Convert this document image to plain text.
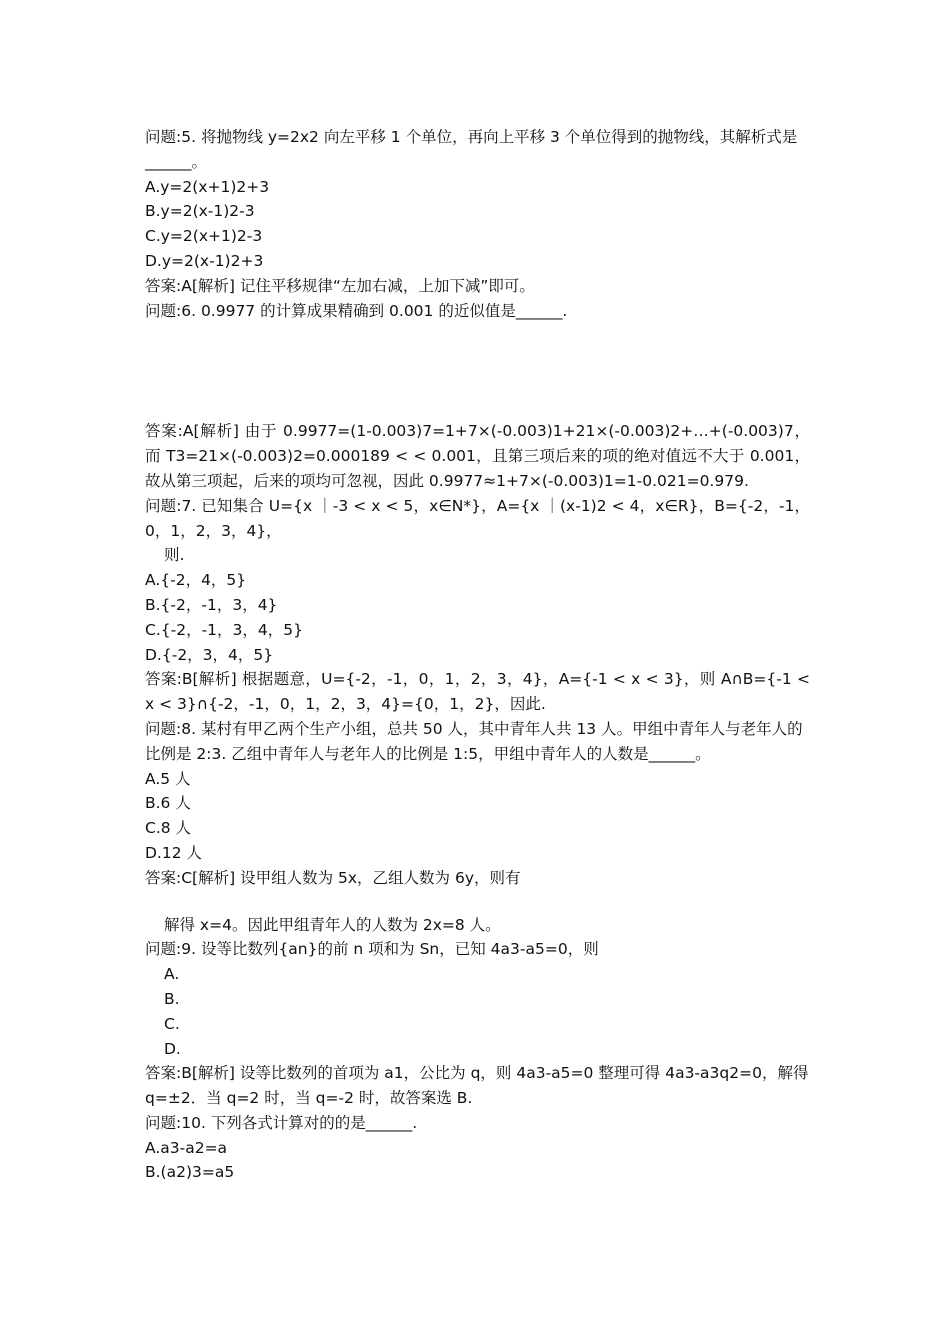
问题:5. 将抛物线 y=2x2 向左平移 1 个单位，再向上平移 3 个单位得到的抛物线，其解析式是______。

A.y=2(x+1)2+3

B.y=2(x-1)2-3

C.y=2(x+1)2-3

D.y=2(x-1)2+3

答案:A[解析] 记住平移规律“左加右减，上加下减”即可。

问题:6. 0.9977 的计算成果精确到 0.001 的近似值是______.

答案:A[解析] 由于 0.9977=(1-0.003)7=1+7×(-0.003)1+21×(-0.003)2+…+(-0.003)7，而 T3=21×(-0.003)2=0.000189 < < 0.001，且第三项后来的项的绝对值远不大于 0.001，故从第三项起，后来的项均可忽视，因此 0.9977≈1+7×(-0.003)1=1-0.021=0.979.

问题:7. 已知集合 U={x ｜-3 < x < 5，x∈N*}，A={x ｜(x-1)2 < 4，x∈R}，B={-2，-1，0，1，2，3，4}，

则.

A.{-2，4，5}

B.{-2，-1，3，4}

C.{-2，-1，3，4，5}

D.{-2，3，4，5}

答案:B[解析] 根据题意，U={-2，-1，0，1，2，3，4}，A={-1 < x < 3}，则 A∩B={-1 < x < 3}∩{-2，-1，0，1，2，3，4}={0，1，2}，因此.

问题:8. 某村有甲乙两个生产小组，总共 50 人，其中青年人共 13 人。甲组中青年人与老年人的比例是 2:3. 乙组中青年人与老年人的比例是 1:5，甲组中青年人的人数是______。

A.5 人

B.6 人

C.8 人

D.12 人

答案:C[解析] 设甲组人数为 5x，乙组人数为 6y，则有

解得 x=4。因此甲组青年人的人数为 2x=8 人。

问题:9. 设等比数列{an}的前 n 项和为 Sn，已知 4a3-a5=0，则

A.

B.

C.

D.

答案:B[解析] 设等比数列的首项为 a1，公比为 q，则 4a3-a5=0 整理可得 4a3-a3q2=0，解得 q=±2．当 q=2 时，当 q=-2 时，故答案选 B.

问题:10. 下列各式计算对的的是______.

A.a3-a2=a

B.(a2)3=a5
